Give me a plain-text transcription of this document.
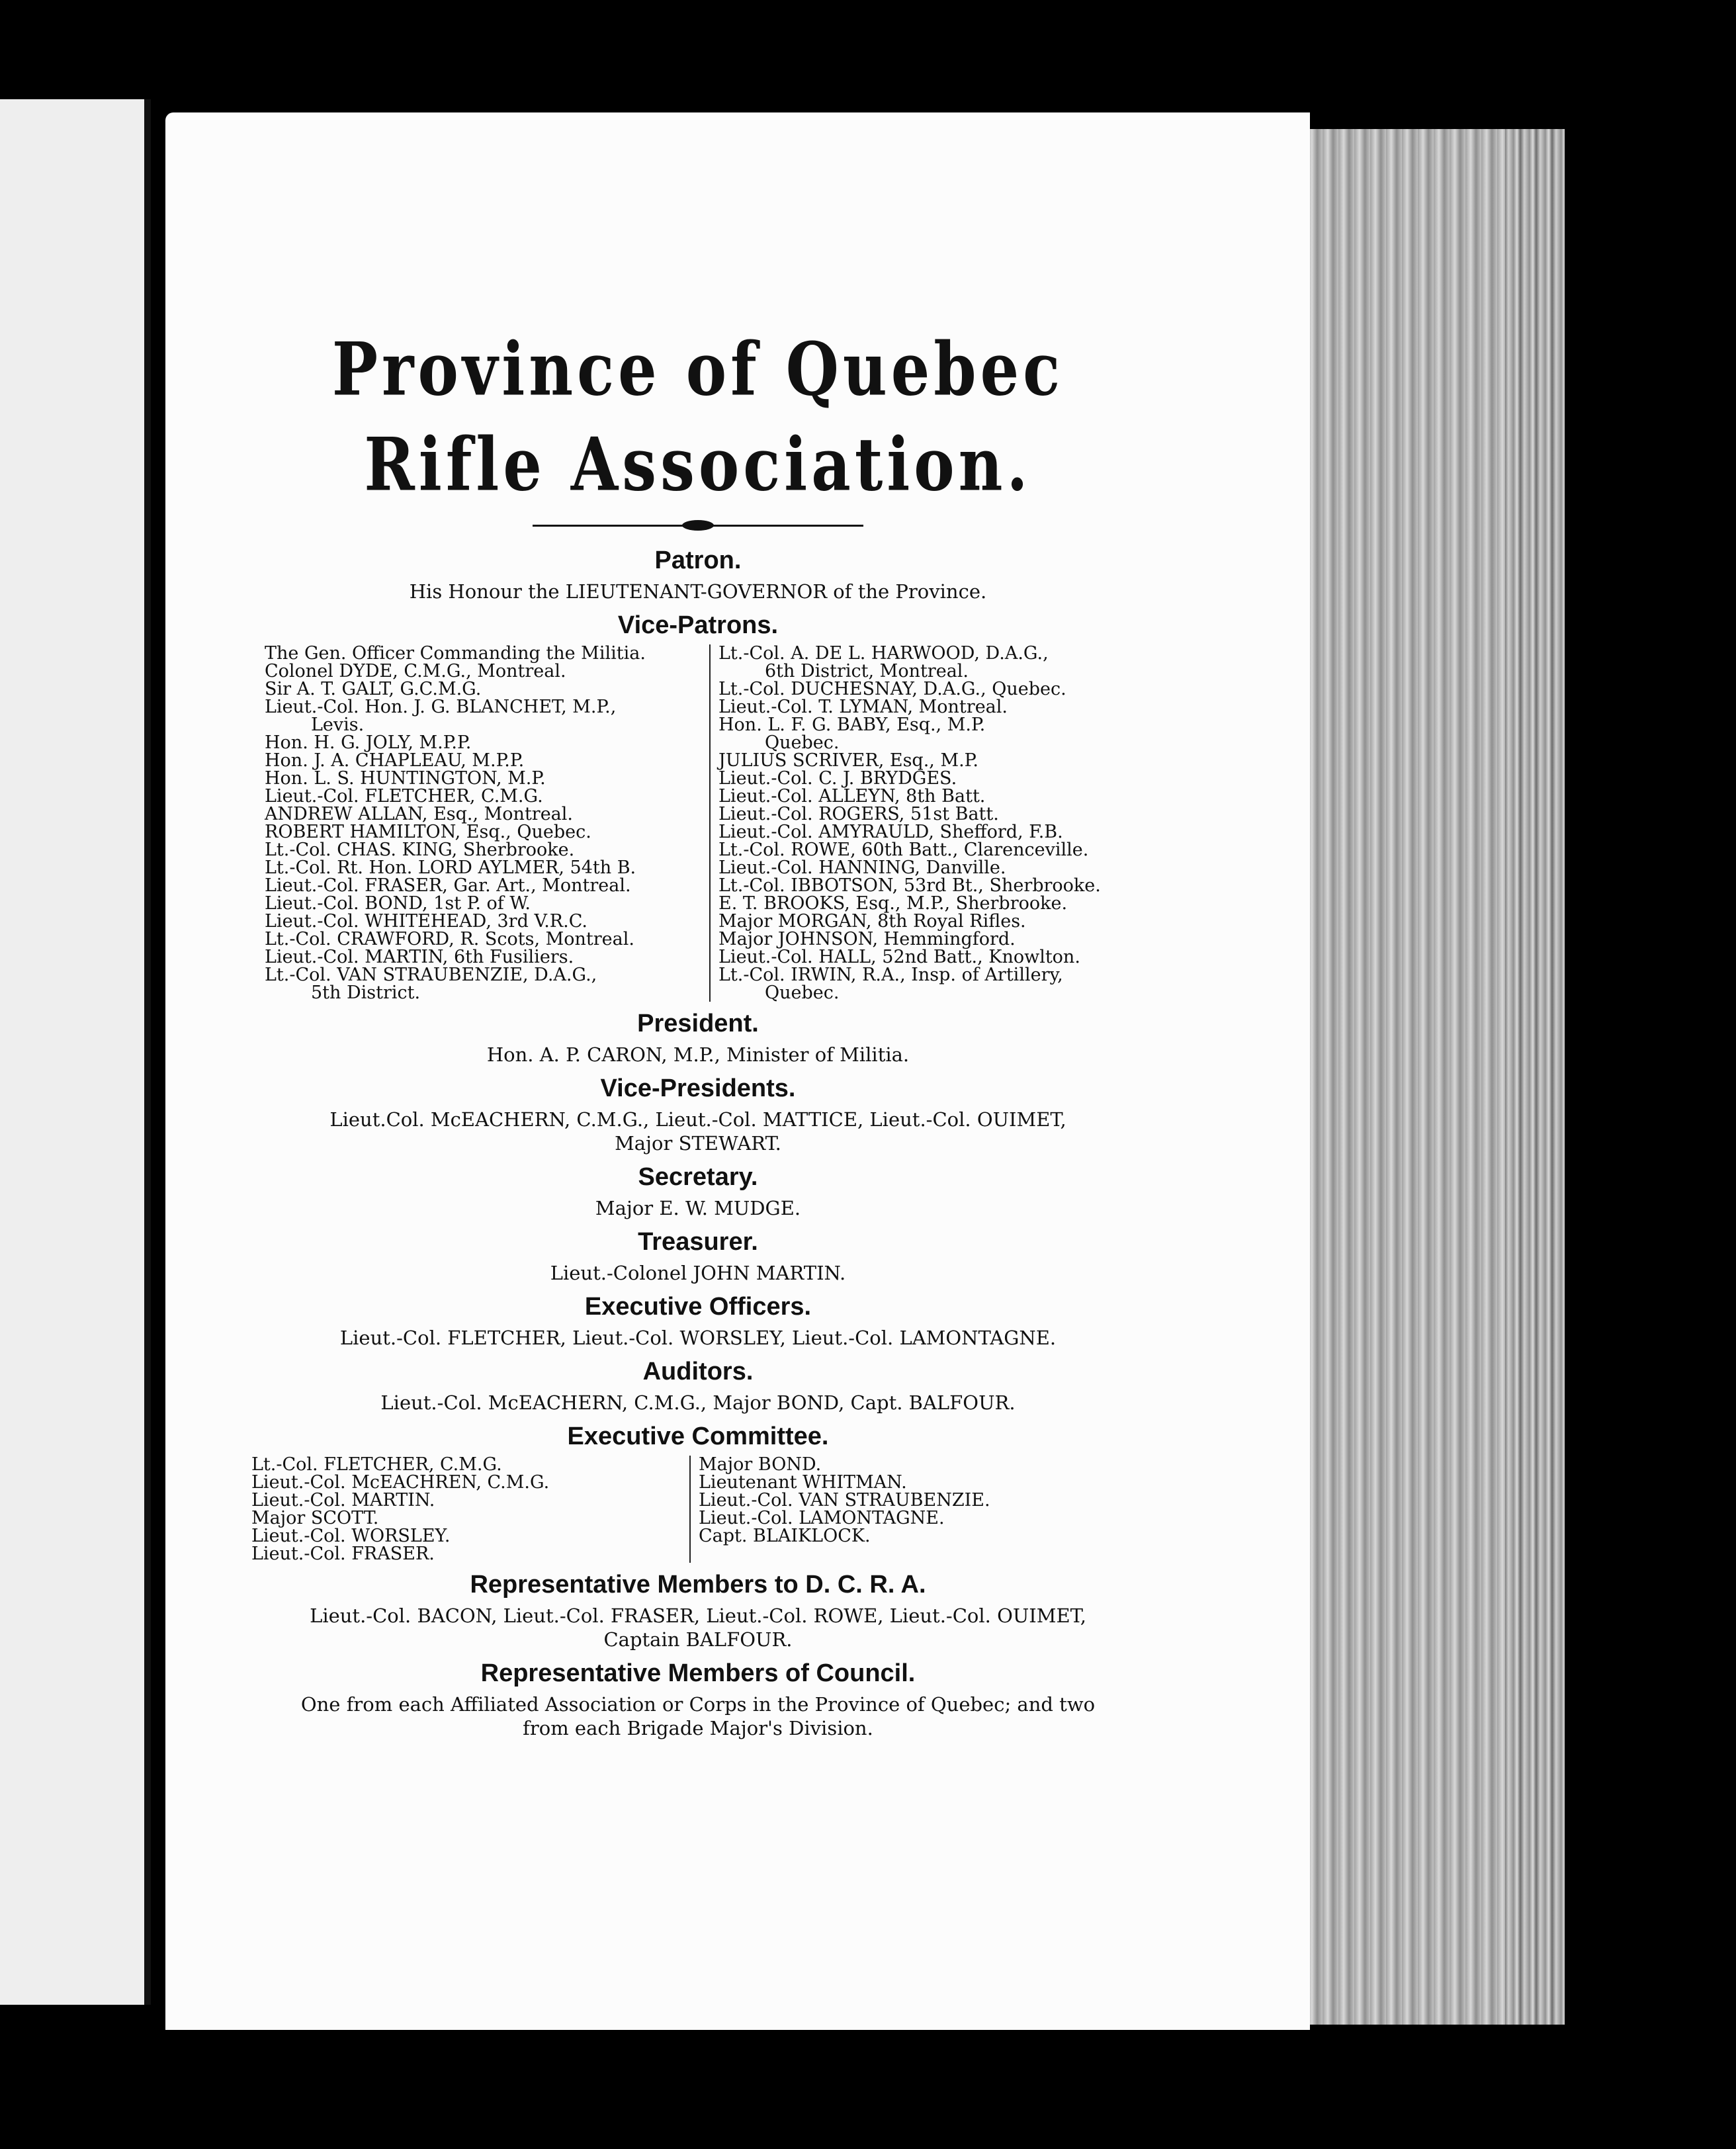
Province of Quebec Rifle Association.
Patron.

His Honour the LIEUTENANT-GOVERNOR of the Province.

Vice-Patrons.
The Gen. Officer Commanding the Militia.
Colonel DYDE, C.M.G., Montreal.
Sir A. T. GALT, G.C.M.G.
Lieut.-Col. Hon. J. G. BLANCHET, M.P.,
Levis.
Hon. H. G. JOLY, M.P.P.
Hon. J. A. CHAPLEAU, M.P.P.
Hon. L. S. HUNTINGTON, M.P.
Lieut.-Col. FLETCHER, C.M.G.
ANDREW ALLAN, Esq., Montreal.
ROBERT HAMILTON, Esq., Quebec.
Lt.-Col. CHAS. KING, Sherbrooke.
Lt.-Col. Rt. Hon. LORD AYLMER, 54th B.
Lieut.-Col. FRASER, Gar. Art., Montreal.
Lieut.-Col. BOND, 1st P. of W.
Lieut.-Col. WHITEHEAD, 3rd V.R.C.
Lt.-Col. CRAWFORD, R. Scots, Montreal.
Lieut.-Col. MARTIN, 6th Fusiliers.
Lt.-Col. VAN STRAUBENZIE, D.A.G.,
5th District.
Lt.-Col. A. DE L. HARWOOD, D.A.G.,
6th District, Montreal.
Lt.-Col. DUCHESNAY, D.A.G., Quebec.
Lieut.-Col. T. LYMAN, Montreal.
Hon. L. F. G. BABY, Esq., M.P.
Quebec.
JULIUS SCRIVER, Esq., M.P.
Lieut.-Col. C. J. BRYDGES.
Lieut.-Col. ALLEYN, 8th Batt.
Lieut.-Col. ROGERS, 51st Batt.
Lieut.-Col. AMYRAULD, Shefford, F.B.
Lt.-Col. ROWE, 60th Batt., Clarenceville.
Lieut.-Col. HANNING, Danville.
Lt.-Col. IBBOTSON, 53rd Bt., Sherbrooke.
E. T. BROOKS, Esq., M.P., Sherbrooke.
Major MORGAN, 8th Royal Rifles.
Major JOHNSON, Hemmingford.
Lieut.-Col. HALL, 52nd Batt., Knowlton.
Lt.-Col. IRWIN, R.A., Insp. of Artillery,
Quebec.
President.

Hon. A. P. CARON, M.P., Minister of Militia.

Vice-Presidents.

Lieut.Col. McEACHERN, C.M.G., Lieut.-Col. MATTICE, Lieut.-Col. OUIMET,

Major STEWART.

Secretary.

Major E. W. MUDGE.

Treasurer.

Lieut.-Colonel JOHN MARTIN.

Executive Officers.

Lieut.-Col. FLETCHER, Lieut.-Col. WORSLEY, Lieut.-Col. LAMONTAGNE.

Auditors.

Lieut.-Col. McEACHERN, C.M.G., Major BOND, Capt. BALFOUR.

Executive Committee.
Lt.-Col. FLETCHER, C.M.G.
Lieut.-Col. McEACHREN, C.M.G.
Lieut.-Col. MARTIN.
Major SCOTT.
Lieut.-Col. WORSLEY.
Lieut.-Col. FRASER.
Major BOND.
Lieutenant WHITMAN.
Lieut.-Col. VAN STRAUBENZIE.
Lieut.-Col. LAMONTAGNE.
Capt. BLAIKLOCK.
Representative Members to D. C. R. A.

Lieut.-Col. BACON, Lieut.-Col. FRASER, Lieut.-Col. ROWE, Lieut.-Col. OUIMET,

Captain BALFOUR.

Representative Members of Council.

One from each Affiliated Association or Corps in the Province of Quebec; and two

from each Brigade Major's Division.
